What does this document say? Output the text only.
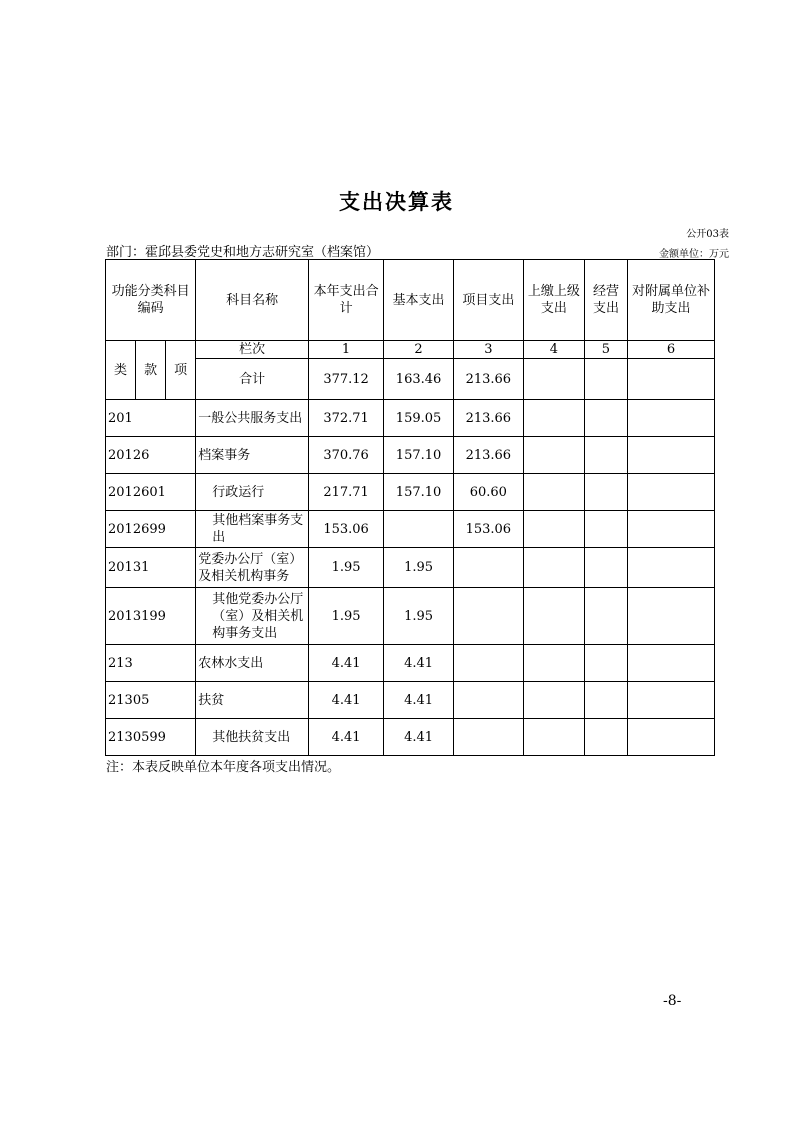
支出决算表
公开03表
部门：霍邱县委党史和地方志研究室（档案馆）	金额单位：万元
功能分类科目编码			科目名称	本年支出合计	基本支出	项目支出	上缴上级支出	经营支出	对附属单位补助支出
类	款	项	栏次	1	2	3	4	5	6
			合计	377.12	163.46	213.66			
201			一般公共服务支出	372.71	159.05	213.66			
20126			档案事务	370.76	157.10	213.66			
2012601			行政运行	217.71	157.10	60.60			
2012699			其他档案事务支出	153.06		153.06			
20131			党委办公厅（室）及相关机构事务	1.95	1.95				
2013199			其他党委办公厅（室）及相关机构事务支出	1.95	1.95				
213			农林水支出	4.41	4.41				
21305			扶贫	4.41	4.41				
2130599			其他扶贫支出	4.41	4.41				
注：本表反映单位本年度各项支出情况。
-8-
